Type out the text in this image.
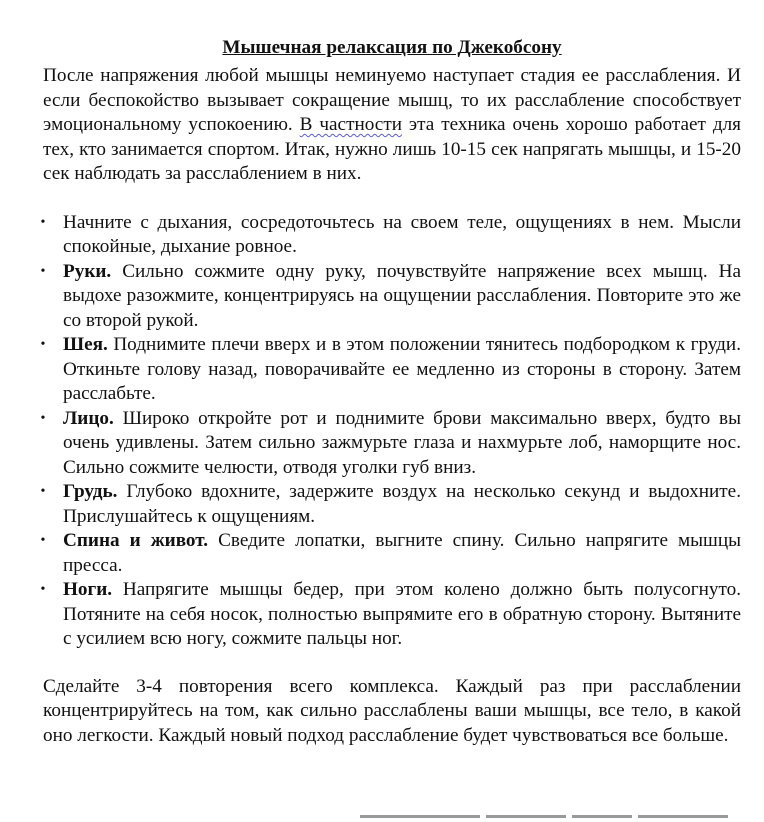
Мышечная релаксация по Джекобсону

После напряжения любой мышцы неминуемо наступает стадия ее расслабления. И если беспокойство вызывает сокращение мышц, то их расслабление способствует эмоциональному успокоению. В частности эта техника очень хорошо работает для тех, кто занимается спортом. Итак, нужно лишь 10-15 сек напрягать мышцы, и 15-20 сек наблюдать за расслаблением в них.

• Начните с дыхания, сосредоточьтесь на своем теле, ощущениях в нем. Мысли спокойные, дыхание ровное.
• Руки. Сильно сожмите одну руку, почувствуйте напряжение всех мышц. На выдохе разожмите, концентрируясь на ощущении расслабления. Повторите это же со второй рукой.
• Шея. Поднимите плечи вверх и в этом положении тянитесь подбородком к груди. Откиньте голову назад, поворачивайте ее медленно из стороны в сторону. Затем расслабьте.
• Лицо. Широко откройте рот и поднимите брови максимально вверх, будто вы очень удивлены. Затем сильно зажмурьте глаза и нахмурьте лоб, наморщите нос. Сильно сожмите челюсти, отводя уголки губ вниз.
• Грудь. Глубоко вдохните, задержите воздух на несколько секунд и выдохните. Прислушайтесь к ощущениям.
• Спина и живот. Сведите лопатки, выгните спину. Сильно напрягите мышцы пресса.
• Ноги. Напрягите мышцы бедер, при этом колено должно быть полусогнуто. Потяните на себя носок, полностью выпрямите его в обратную сторону. Вытяните с усилием всю ногу, сожмите пальцы ног.

Сделайте 3-4 повторения всего комплекса. Каждый раз при расслаблении концентрируйтесь на том, как сильно расслаблены ваши мышцы, все тело, в какой оно легкости. Каждый новый подход расслабление будет чувствоваться все больше.
